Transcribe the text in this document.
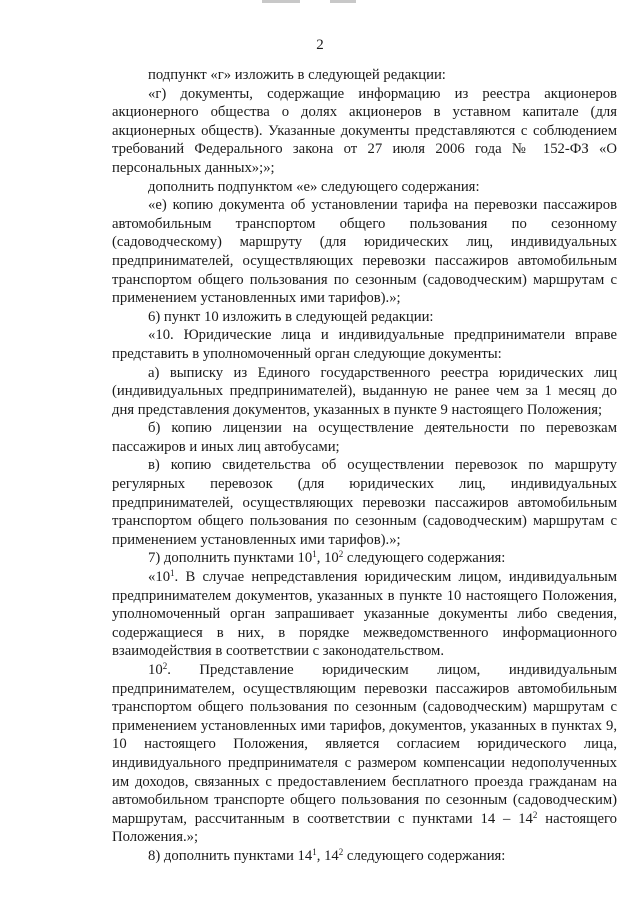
2

подпункт «г» изложить в следующей редакции:

«г) документы, содержащие информацию из реестра акционеров акционерного общества о долях акционеров в уставном капитале (для акционерных обществ). Указанные документы представляются с соблюдением требований Федерального закона от 27 июля 2006 года № 152-ФЗ «О персональных данных»;»;

дополнить подпунктом «е» следующего содержания:

«е) копию документа об установлении тарифа на перевозки пассажиров автомобильным транспортом общего пользования по сезонному (садоводческому) маршруту (для юридических лиц, индивидуальных предпринимателей, осуществляющих перевозки пассажиров автомобильным транспортом общего пользования по сезонным (садоводческим) маршрутам с применением установленных ими тарифов).»;

6) пункт 10 изложить в следующей редакции:

«10. Юридические лица и индивидуальные предприниматели вправе представить в уполномоченный орган следующие документы:

а) выписку из Единого государственного реестра юридических лиц (индивидуальных предпринимателей), выданную не ранее чем за 1 месяц до дня представления документов, указанных в пункте 9 настоящего Положения;

б) копию лицензии на осуществление деятельности по перевозкам пассажиров и иных лиц автобусами;

в) копию свидетельства об осуществлении перевозок по маршруту регулярных перевозок (для юридических лиц, индивидуальных предпринимателей, осуществляющих перевозки пассажиров автомобильным транспортом общего пользования по сезонным (садоводческим) маршрутам с применением установленных ими тарифов).»;

7) дополнить пунктами $10^1$, $10^2$ следующего содержания:

«$10^1$. В случае непредставления юридическим лицом, индивидуальным предпринимателем документов, указанных в пункте 10 настоящего Положения, уполномоченный орган запрашивает указанные документы либо сведения, содержащиеся в них, в порядке межведомственного информационного взаимодействия в соответствии с законодательством.

$10^2$. Представление юридическим лицом, индивидуальным предпринимателем, осуществляющим перевозки пассажиров автомобильным транспортом общего пользования по сезонным (садоводческим) маршрутам с применением установленных ими тарифов, документов, указанных в пунктах 9, 10 настоящего Положения, является согласием юридического лица, индивидуального предпринимателя с размером компенсации недополученных им доходов, связанных с предоставлением бесплатного проезда гражданам на автомобильном транспорте общего пользования по сезонным (садоводческим) маршрутам, рассчитанным в соответствии с пунктами $14 - 14^2$ настоящего Положения.»;

8) дополнить пунктами $14^1$, $14^2$ следующего содержания:
